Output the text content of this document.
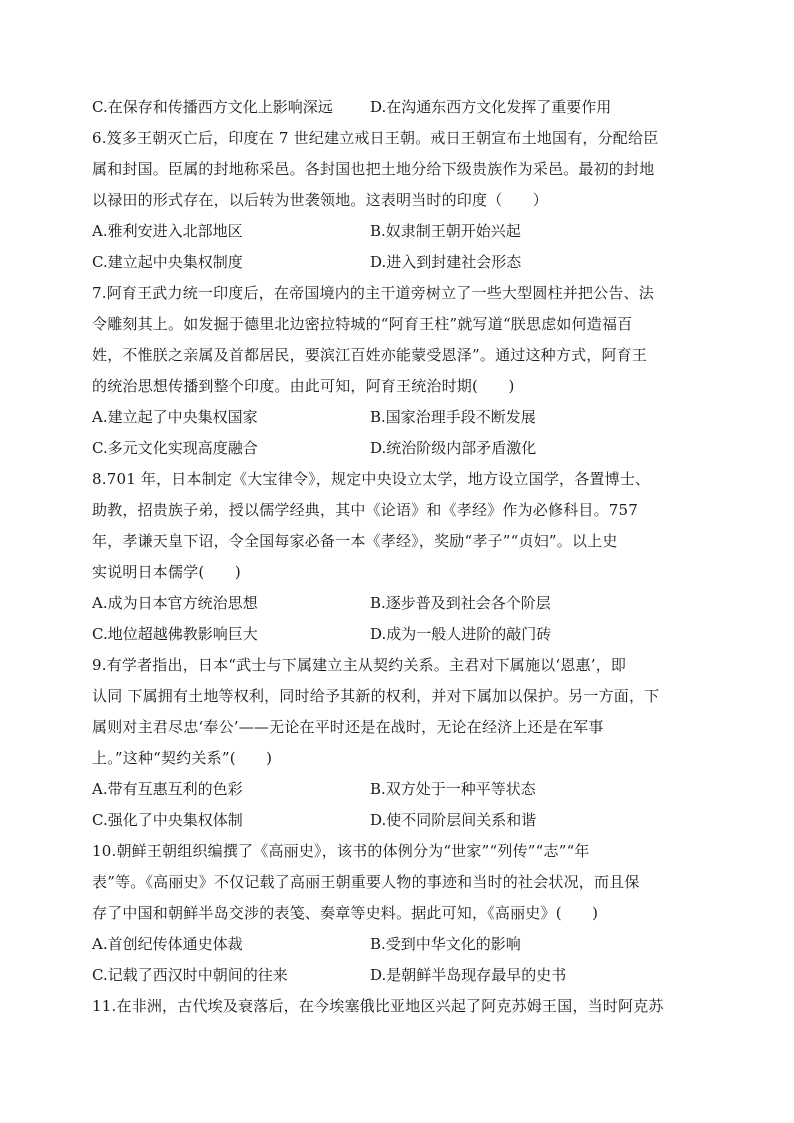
C.在保存和传播西方文化上影响深远	D.在沟通东西方文化发挥了重要作用
6.笈多王朝灭亡后，印度在 7 世纪建立戒日王朝。戒日王朝宣布土地国有，分配给臣
属和封国。臣属的封地称采邑。各封国也把土地分给下级贵族作为采邑。最初的封地
以禄田的形式存在，以后转为世袭领地。这表明当时的印度（　　）
A.雅利安进入北部地区	B.奴隶制王朝开始兴起
C.建立起中央集权制度	D.进入到封建社会形态
7.阿育王武力统一印度后，在帝国境内的主干道旁树立了一些大型圆柱并把公告、法
令雕刻其上。如发掘于德里北边密拉特城的“阿育王柱”就写道“朕思虑如何造福百
姓，不惟朕之亲属及首都居民，要滨江百姓亦能蒙受恩泽”。通过这种方式，阿育王
的统治思想传播到整个印度。由此可知，阿育王统治时期(　　)
A.建立起了中央集权国家	B.国家治理手段不断发展
C.多元文化实现高度融合	D.统治阶级内部矛盾激化
8.701 年，日本制定《大宝律令》，规定中央设立太学，地方设立国学，各置博士、
助教，招贵族子弟，授以儒学经典，其中《论语》和《孝经》作为必修科目。757
年，孝谦天皇下诏，令全国每家必备一本《孝经》，奖励“孝子”“贞妇”。以上史
实说明日本儒学(　　)
A.成为日本官方统治思想	B.逐步普及到社会各个阶层
C.地位超越佛教影响巨大	D.成为一般人进阶的敲门砖
9.有学者指出，日本“武士与下属建立主从契约关系。主君对下属施以‘恩惠’，即
认同 下属拥有土地等权利，同时给予其新的权利，并对下属加以保护。另一方面，下
属则对主君尽忠‘奉公’——无论在平时还是在战时，无论在经济上还是在军事
上。”这种“契约关系”(　　)
A.带有互惠互利的色彩	B.双方处于一种平等状态
C.强化了中央集权体制	D.使不同阶层间关系和谐
10.朝鲜王朝组织编撰了《高丽史》，该书的体例分为“世家”“列传”“志”“年
表”等。《高丽史》不仅记载了高丽王朝重要人物的事迹和当时的社会状况，而且保
存了中国和朝鲜半岛交涉的表笺、奏章等史料。据此可知，《高丽史》(　　)
A.首创纪传体通史体裁	B.受到中华文化的影响
C.记载了西汉时中朝间的往来	D.是朝鲜半岛现存最早的史书
11.在非洲，古代埃及衰落后，在今埃塞俄比亚地区兴起了阿克苏姆王国，当时阿克苏
